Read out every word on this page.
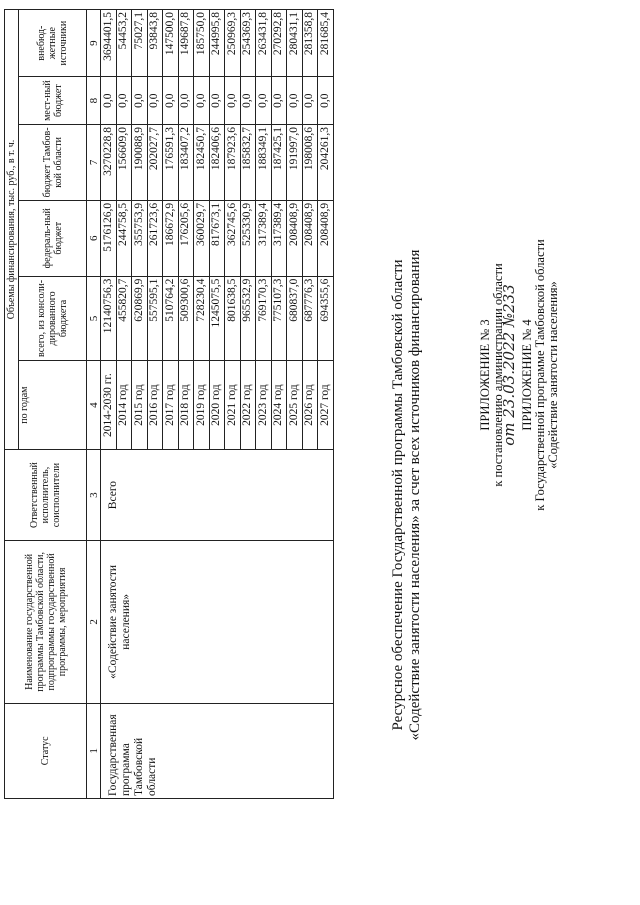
ПРИЛОЖЕНИЕ № 3 к постановлению администрации области
от 23.03.2022 №233 ПРИЛОЖЕНИЕ № 4 к Государственной программе Тамбовской области «Содействие занятости населения»
Ресурсное обеспечение Государственной программы Тамбовской области «Содействие занятости населения» за счет всех источников финансирования
Статус	Наименование государственной программы Тамбовской области, подпрограммы государственной программы, мероприятия	Ответственный исполнитель, соисполнители	Объемы финансирования, тыс. руб., в т. ч.					
			по годам	всего, из консоли-дированного бюджета	федераль-ный бюджет	бюджет Тамбов-кой области	мест-ный бюджет	внебюд-жетные источники
1	2	3	4	5	6	7	8	9
Государственная программа Тамбовской области	«Содействие занятости населения»	Всего	2014-2030 гг.	12140756,3	5176126,0	3270228,8	0,0	3694401,5
			2014 год	455820,7	244758,5	156609,0	0,0	54453,2
			2015 год	620869,9	355753,9	190088,9	0,0	75027,1
			2016 год	557595,1	261723,6	202027,7	0,0	93843,8
			2017 год	510764,2	186672,9	176591,3	0,0	147500,0
			2018 год	509300,6	176205,6	183407,2	0,0	149687,8
			2019 год	728230,4	360029,7	182450,7	0,0	185750,0
			2020 год	1245075,5	817673,1	182406,6	0,0	244995,8
			2021 год	801638,5	362745,6	187923,6	0,0	250969,3
			2022 год	965532,9	525330,9	185832,7	0,0	254369,3
			2023 год	769170,3	317389,4	188349,1	0,0	263431,8
			2024 год	775107,3	317389,4	187425,1	0,0	270292,8
			2025 год	680837,0	208408,9	191997,0	0,0	280431,1
			2026 год	687776,3	208408,9	198008,6	0,0	281358,8
			2027 год	694355,6	208408,9	204261,3	0,0	281685,4
